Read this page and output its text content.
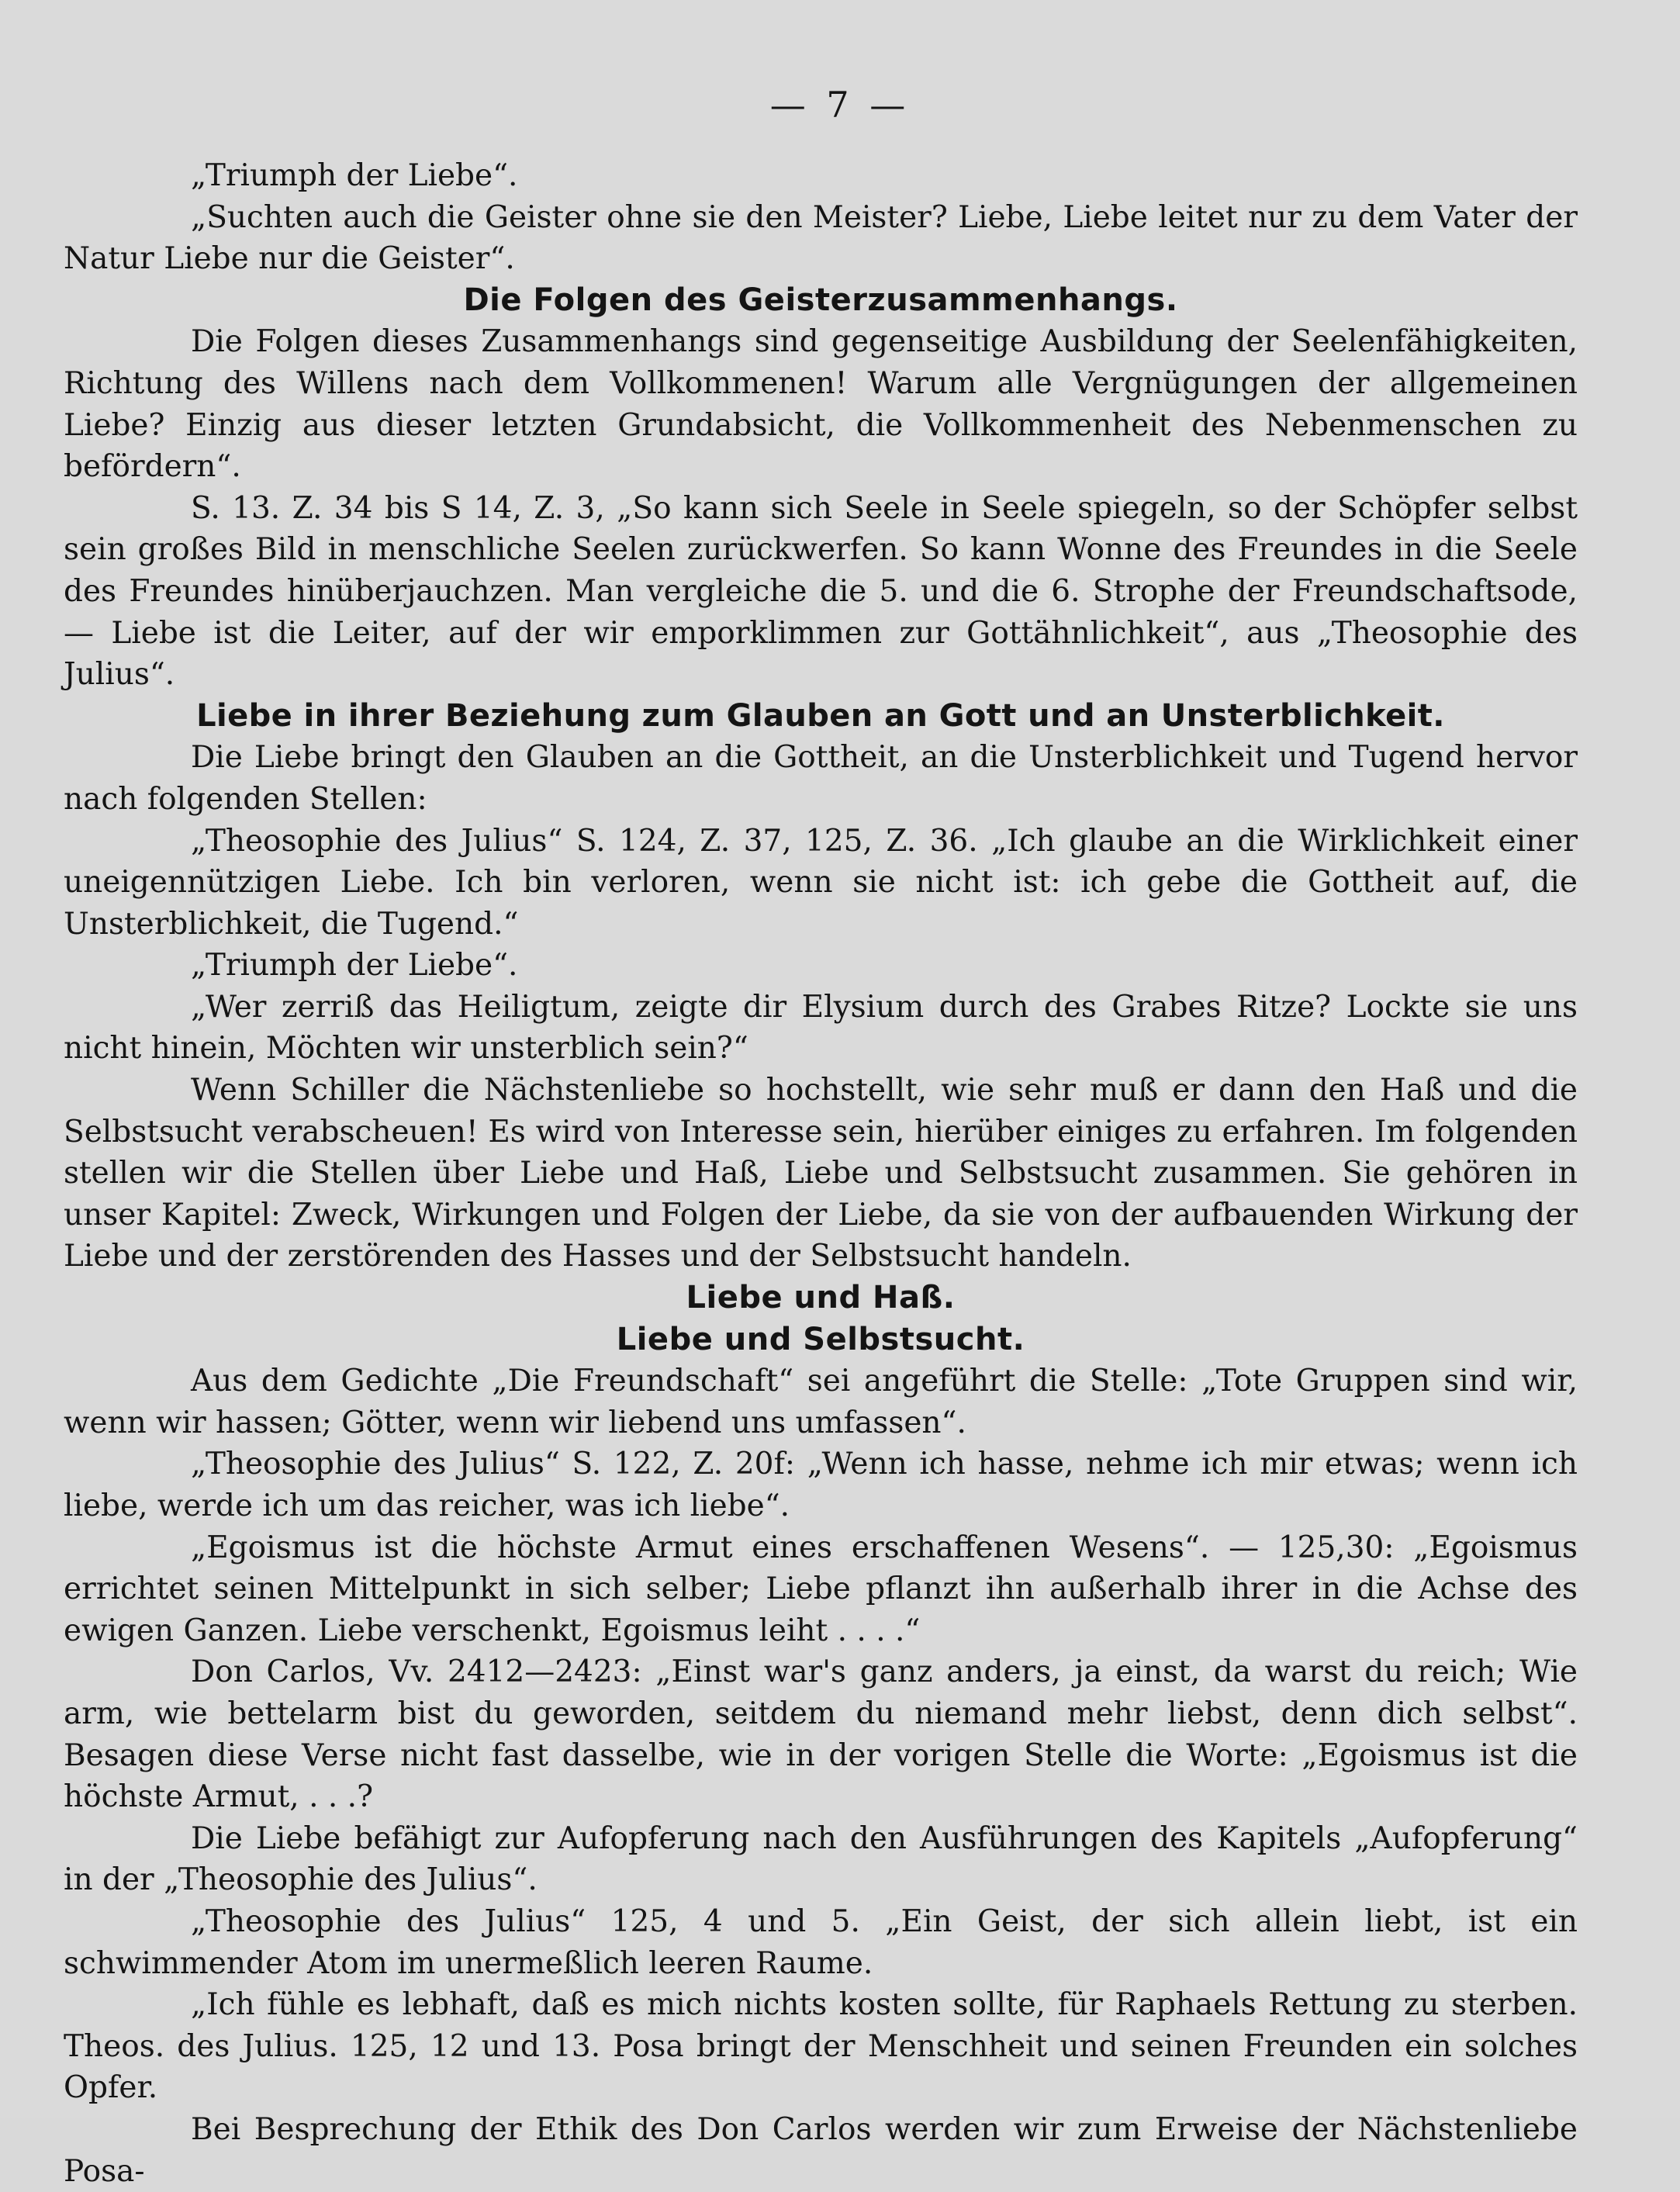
— 7 —

„Triumph der Liebe“.

„Suchten auch die Geister ohne sie den Meister? Liebe, Liebe leitet nur zu dem Vater der Natur Liebe nur die Geister“.

Die Folgen des Geisterzusammenhangs.

Die Folgen dieses Zusammenhangs sind gegenseitige Ausbildung der Seelenfähigkeiten, Richtung des Willens nach dem Vollkommenen! Warum alle Vergnügungen der allgemeinen Liebe? Einzig aus dieser letzten Grundabsicht, die Vollkommenheit des Nebenmenschen zu befördern“.

S. 13. Z. 34 bis S 14, Z. 3, „So kann sich Seele in Seele spiegeln, so der Schöpfer selbst sein großes Bild in menschliche Seelen zurückwerfen. So kann Wonne des Freundes in die Seele des Freundes hinüberjauchzen. Man vergleiche die 5. und die 6. Strophe der Freundschaftsode, — Liebe ist die Leiter, auf der wir emporklimmen zur Gottähnlichkeit“, aus „Theosophie des Julius“.

Liebe in ihrer Beziehung zum Glauben an Gott und an Unsterblichkeit.

Die Liebe bringt den Glauben an die Gottheit, an die Unsterblichkeit und Tugend hervor nach folgenden Stellen:

„Theosophie des Julius“ S. 124, Z. 37, 125, Z. 36. „Ich glaube an die Wirklichkeit einer uneigennützigen Liebe. Ich bin verloren, wenn sie nicht ist: ich gebe die Gottheit auf, die Unsterblichkeit, die Tugend.“

„Triumph der Liebe“.

„Wer zerriß das Heiligtum, zeigte dir Elysium durch des Grabes Ritze? Lockte sie uns nicht hinein, Möchten wir unsterblich sein?“

Wenn Schiller die Nächstenliebe so hochstellt, wie sehr muß er dann den Haß und die Selbstsucht verabscheuen! Es wird von Interesse sein, hierüber einiges zu erfahren. Im folgenden stellen wir die Stellen über Liebe und Haß, Liebe und Selbstsucht zusammen. Sie gehören in unser Kapitel: Zweck, Wirkungen und Folgen der Liebe, da sie von der aufbauenden Wirkung der Liebe und der zerstörenden des Hasses und der Selbstsucht handeln.

Liebe und Haß.
Liebe und Selbstsucht.

Aus dem Gedichte „Die Freundschaft“ sei angeführt die Stelle: „Tote Gruppen sind wir, wenn wir hassen; Götter, wenn wir liebend uns umfassen“.

„Theosophie des Julius“ S. 122, Z. 20f: „Wenn ich hasse, nehme ich mir etwas; wenn ich liebe, werde ich um das reicher, was ich liebe“.

„Egoismus ist die höchste Armut eines erschaffenen Wesens“. — 125,30: „Egoismus errichtet seinen Mittelpunkt in sich selber; Liebe pflanzt ihn außerhalb ihrer in die Achse des ewigen Ganzen. Liebe verschenkt, Egoismus leiht . . . .“

Don Carlos, Vv. 2412—2423: „Einst war's ganz anders, ja einst, da warst du reich; Wie arm, wie bettelarm bist du geworden, seitdem du niemand mehr liebst, denn dich selbst“. Besagen diese Verse nicht fast dasselbe, wie in der vorigen Stelle die Worte: „Egoismus ist die höchste Armut, . . .?

Die Liebe befähigt zur Aufopferung nach den Ausführungen des Kapitels „Aufopferung“ in der „Theosophie des Julius“.

„Theosophie des Julius“ 125, 4 und 5. „Ein Geist, der sich allein liebt, ist ein schwimmender Atom im unermeßlich leeren Raume.

„Ich fühle es lebhaft, daß es mich nichts kosten sollte, für Raphaels Rettung zu sterben. Theos. des Julius. 125, 12 und 13. Posa bringt der Menschheit und seinen Freunden ein solches Opfer.

Bei Besprechung der Ethik des Don Carlos werden wir zum Erweise der Nächstenliebe Posa-
